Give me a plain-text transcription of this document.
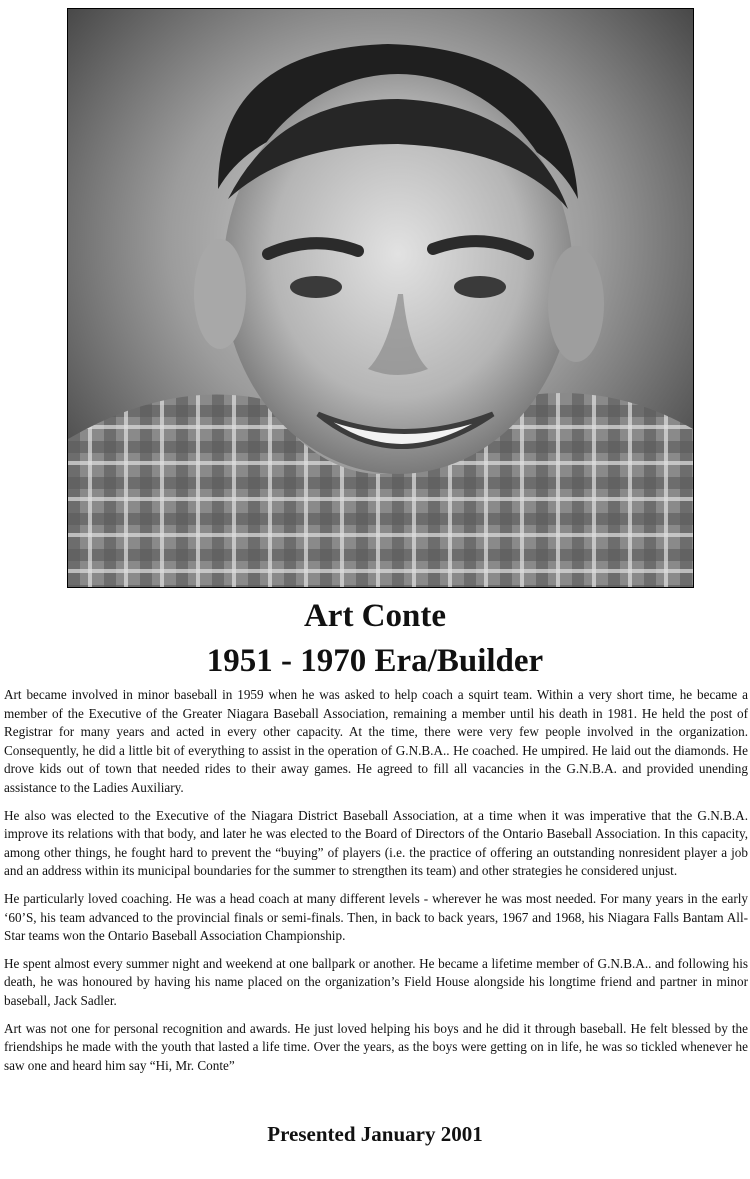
Art Conte
1951 - 1970 Era/Builder

Art became involved in minor baseball in 1959 when he was asked to help coach a squirt team. Within a very short time, he became a member of the Executive of the Greater Niagara Baseball Association, remaining a member until his death in 1981. He held the post of Registrar for many years and acted in every other capacity. At the time, there were very few people involved in the organization. Consequently, he did a little bit of everything to assist in the operation of G.N.B.A.. He coached. He umpired. He laid out the diamonds. He drove kids out of town that needed rides to their away games. He agreed to fill all vacancies in the G.N.B.A. and provided unending assistance to the Ladies Auxiliary.

He also was elected to the Executive of the Niagara District Baseball Association, at a time when it was imperative that the G.N.B.A. improve its relations with that body, and later he was elected to the Board of Directors of the Ontario Baseball Association. In this capacity, among other things, he fought hard to prevent the “buying” of players (i.e. the practice of offering an outstanding nonresident player a job and an address within its municipal boundaries for the summer to strengthen its team) and other strategies he considered unjust.

He particularly loved coaching. He was a head coach at many different levels - wherever he was most needed. For many years in the early ‘60’S, his team advanced to the provincial finals or semi-finals. Then, in back to back years, 1967 and 1968, his Niagara Falls Bantam All-Star teams won the Ontario Baseball Association Championship.

He spent almost every summer night and weekend at one ballpark or another. He became a lifetime member of G.N.B.A.. and following his death, he was honoured by having his name placed on the organization’s Field House alongside his longtime friend and partner in minor baseball, Jack Sadler.

Art was not one for personal recognition and awards. He just loved helping his boys and he did it through baseball. He felt blessed by the friendships he made with the youth that lasted a life time. Over the years, as the boys were getting on in life, he was so tickled whenever he saw one and heard him say “Hi, Mr. Conte”

Presented January 2001
